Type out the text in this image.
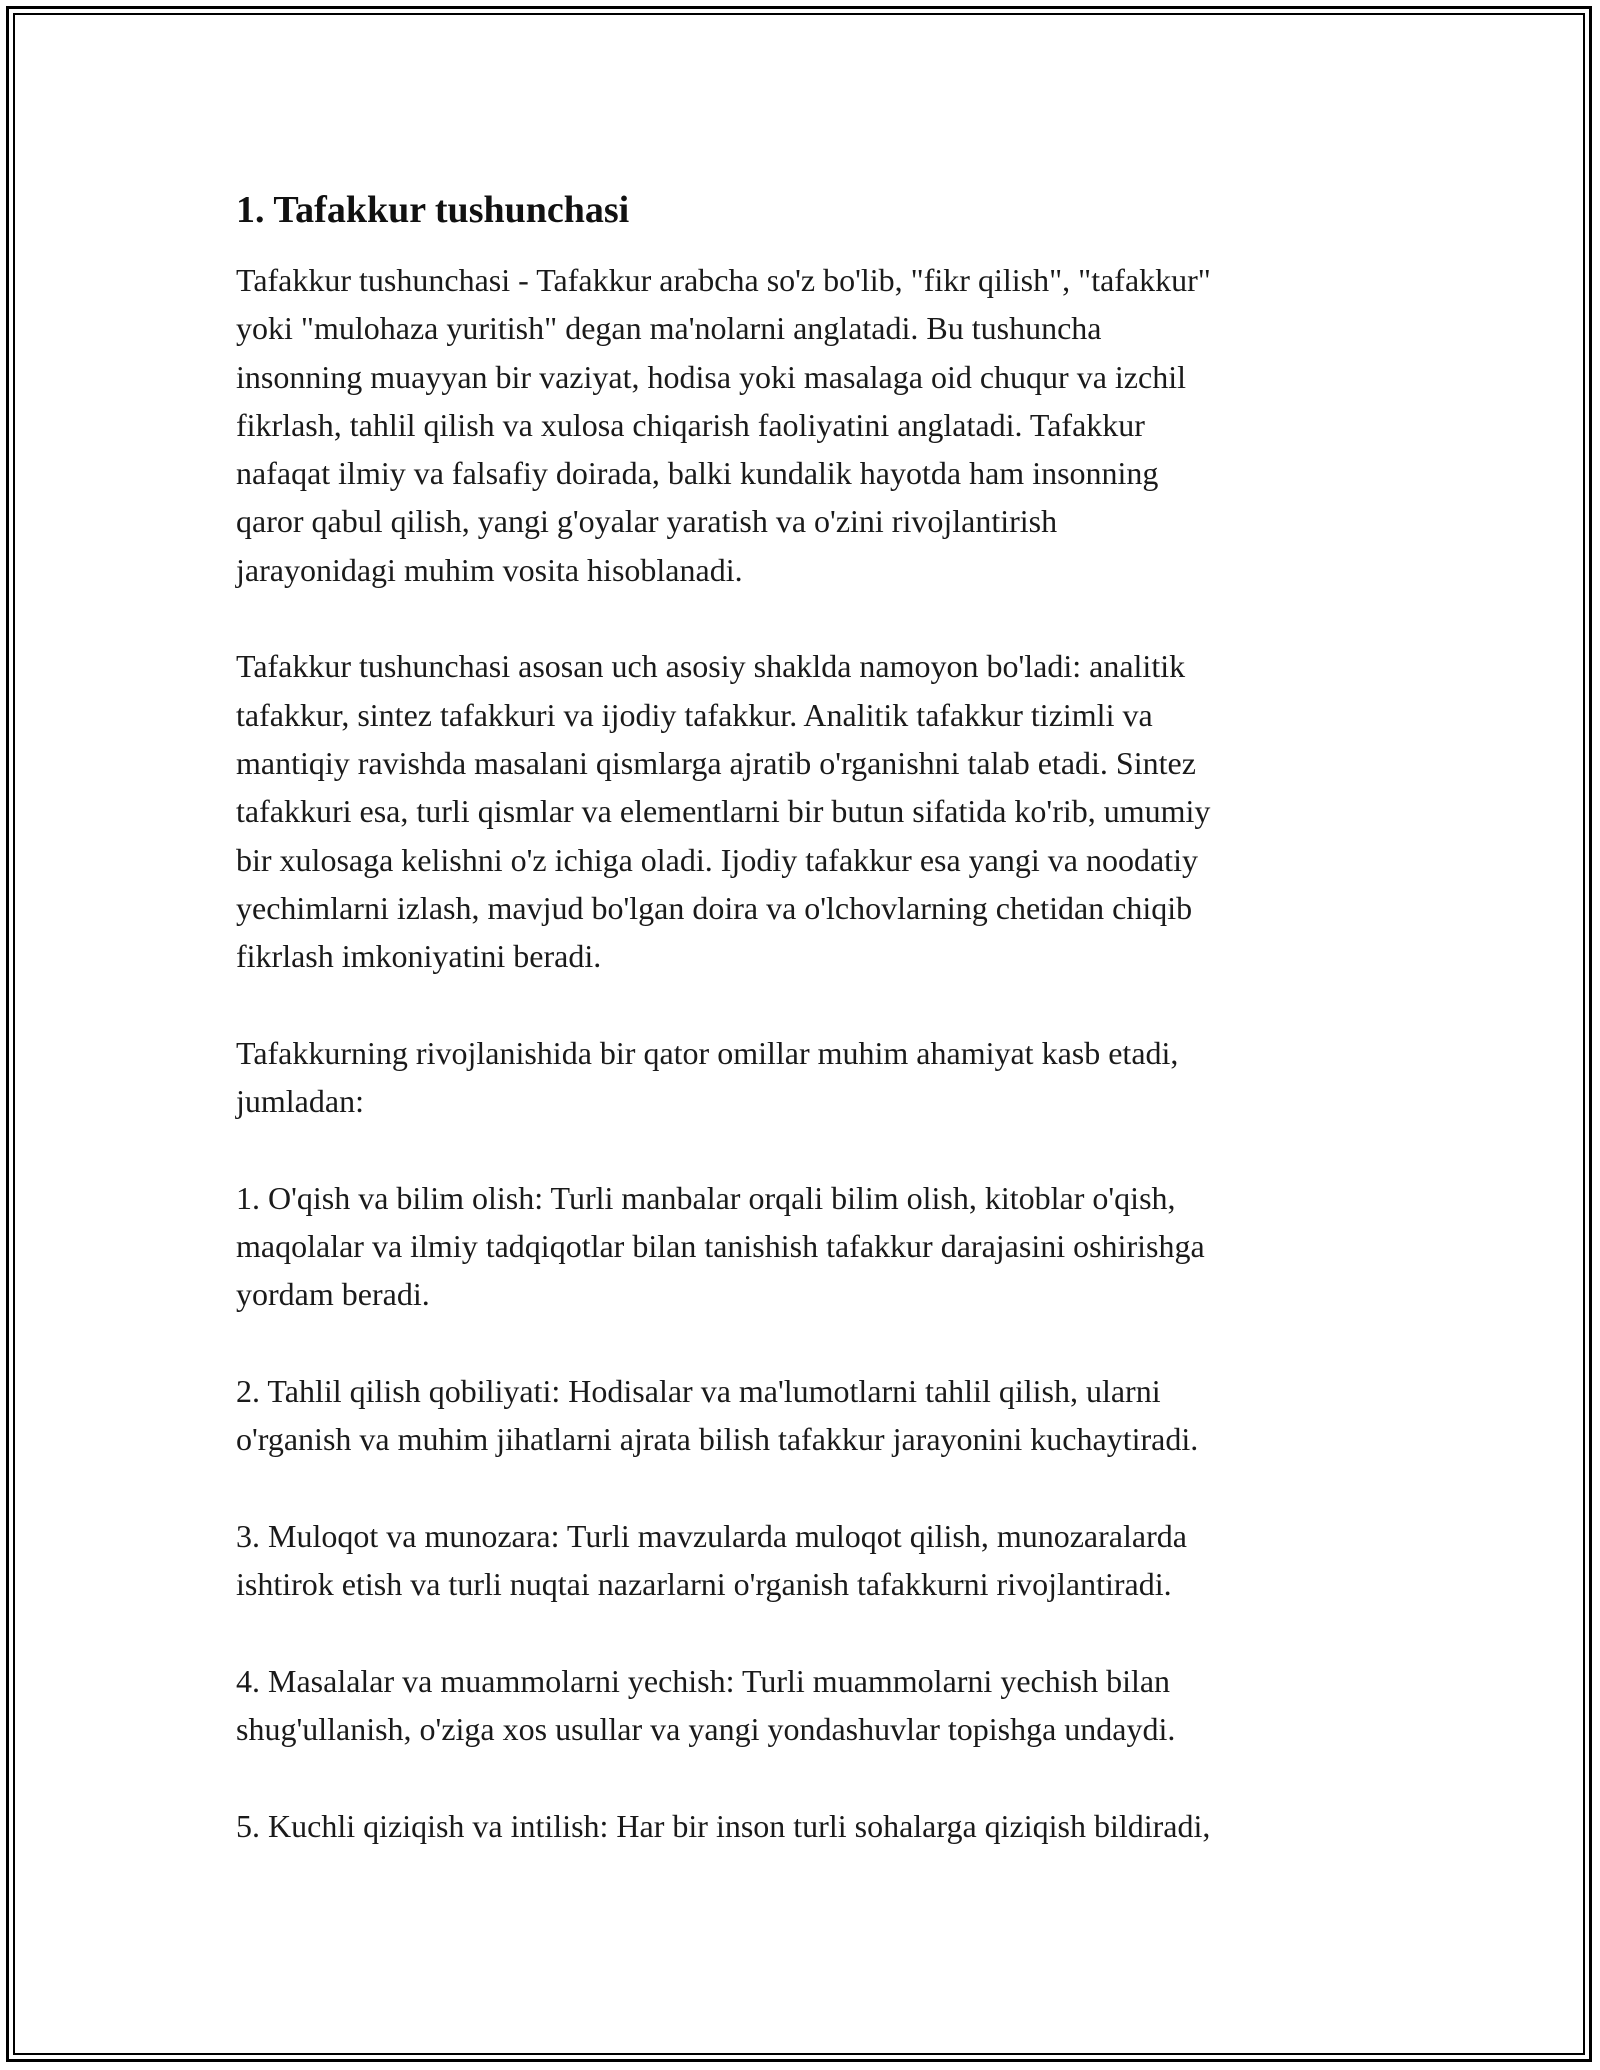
1. Tafakkur tushunchasi

Tafakkur tushunchasi - Tafakkur arabcha so'z bo'lib, "fikr qilish", "tafakkur"
yoki "mulohaza yuritish" degan ma'nolarni anglatadi. Bu tushuncha
insonning muayyan bir vaziyat, hodisa yoki masalaga oid chuqur va izchil
fikrlash, tahlil qilish va xulosa chiqarish faoliyatini anglatadi. Tafakkur
nafaqat ilmiy va falsafiy doirada, balki kundalik hayotda ham insonning
qaror qabul qilish, yangi g'oyalar yaratish va o'zini rivojlantirish
jarayonidagi muhim vosita hisoblanadi.

Tafakkur tushunchasi asosan uch asosiy shaklda namoyon bo'ladi: analitik
tafakkur, sintez tafakkuri va ijodiy tafakkur. Analitik tafakkur tizimli va
mantiqiy ravishda masalani qismlarga ajratib o'rganishni talab etadi. Sintez
tafakkuri esa, turli qismlar va elementlarni bir butun sifatida ko'rib, umumiy
bir xulosaga kelishni o'z ichiga oladi. Ijodiy tafakkur esa yangi va noodatiy
yechimlarni izlash, mavjud bo'lgan doira va o'lchovlarning chetidan chiqib
fikrlash imkoniyatini beradi.

Tafakkurning rivojlanishida bir qator omillar muhim ahamiyat kasb etadi,
jumladan:

1. O'qish va bilim olish: Turli manbalar orqali bilim olish, kitoblar o'qish,
maqolalar va ilmiy tadqiqotlar bilan tanishish tafakkur darajasini oshirishga
yordam beradi.

2. Tahlil qilish qobiliyati: Hodisalar va ma'lumotlarni tahlil qilish, ularni
o'rganish va muhim jihatlarni ajrata bilish tafakkur jarayonini kuchaytiradi.

3. Muloqot va munozara: Turli mavzularda muloqot qilish, munozaralarda
ishtirok etish va turli nuqtai nazarlarni o'rganish tafakkurni rivojlantiradi.

4. Masalalar va muammolarni yechish: Turli muammolarni yechish bilan
shug'ullanish, o'ziga xos usullar va yangi yondashuvlar topishga undaydi.

5. Kuchli qiziqish va intilish: Har bir inson turli sohalarga qiziqish bildiradi,
